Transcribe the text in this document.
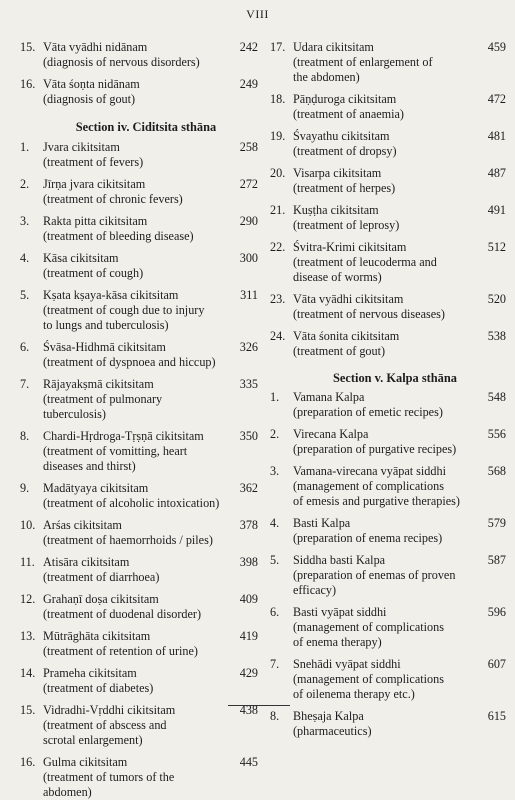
VIII
15. Vāta vyādhi nidānam
(diagnosis of nervous disorders)
242
16. Vāta śoṇta nidānam
(diagnosis of gout)
249
Section iv. Ciditsita sthāna
1.	Jvara cikitsitam
(treatment of fevers)
258
2.	Jīrṇa jvara cikitsitam
(treatment of chronic fevers)
272
3.	Rakta pitta cikitsitam
(treatment of bleeding disease)
290
4.	Kāsa cikitsitam
(treatment of cough)
300
5.	Kṣata kṣaya-kāsa cikitsitam
(treatment of cough due to injury
to lungs and tuberculosis)
311
6.	Śvāsa-Hidhmā cikitsitam
(treatment of dyspnoea and hiccup)
326
7.	Rājayakṣmā cikitsitam
(treatment of pulmonary tuberculosis)
335
8.	Chardi-Hṛdroga-Tṛṣṇā cikitsitam
(treatment of vomitting, heart
diseases and thirst)
350
9.	Madātyaya cikitsitam
(treatment of alcoholic intoxication)
362
10. Arśas cikitsitam
(treatment of haemorrhoids / piles)
378
11. Atisāra cikitsitam
(treatment of diarrhoea)
398
12. Grahaṇī doṣa cikitsitam
(treatment of duodenal disorder)
409
13. Mūtrāghāta cikitsitam
(treatment of retention of urine)
419
14. Prameha cikitsitam
(treatment of diabetes)
429
15. Vidradhi-Vṛddhi cikitsitam
(treatment of abscess and
scrotal enlargement)
438
16. Gulma cikitsitam
(treatment of tumors of the abdomen)
445
17. Udara cikitsitam
(treatment of enlargement of
the abdomen)
459
18. Pāṇḍuroga cikitsitam
(treatment of anaemia)
472
19. Śvayathu cikitsitam
(treatment of dropsy)
481
20. Visarpa cikitsitam
(treatment of herpes)
487
21. Kuṣṭha cikitsitam
(treatment of leprosy)
491
22. Śvitra-Krimi cikitsitam
(treatment of leucoderma and
disease of worms)
512
23. Vāta vyādhi cikitsitam
(treatment of nervous diseases)
520
24. Vāta śonita cikitsitam
(treatment of gout)
538
Section v. Kalpa sthāna
1.	Vamana Kalpa
(preparation of emetic recipes)
548
2.	Virecana Kalpa
(preparation of purgative recipes)
556
3.	Vamana-virecana vyāpat siddhi
(management of complications
of emesis and purgative therapies)
568
4.	Basti Kalpa
(preparation of enema recipes)
579
5.	Siddha basti Kalpa
(preparation of enemas of proven
efficacy)
587
6.	Basti vyāpat siddhi
(management of complications
of enema therapy)
596
7.	Snehādi vyāpat siddhi
(management of complications
of oilenema therapy etc.)
607
8.	Bheṣaja Kalpa
(pharmaceutics)
615
